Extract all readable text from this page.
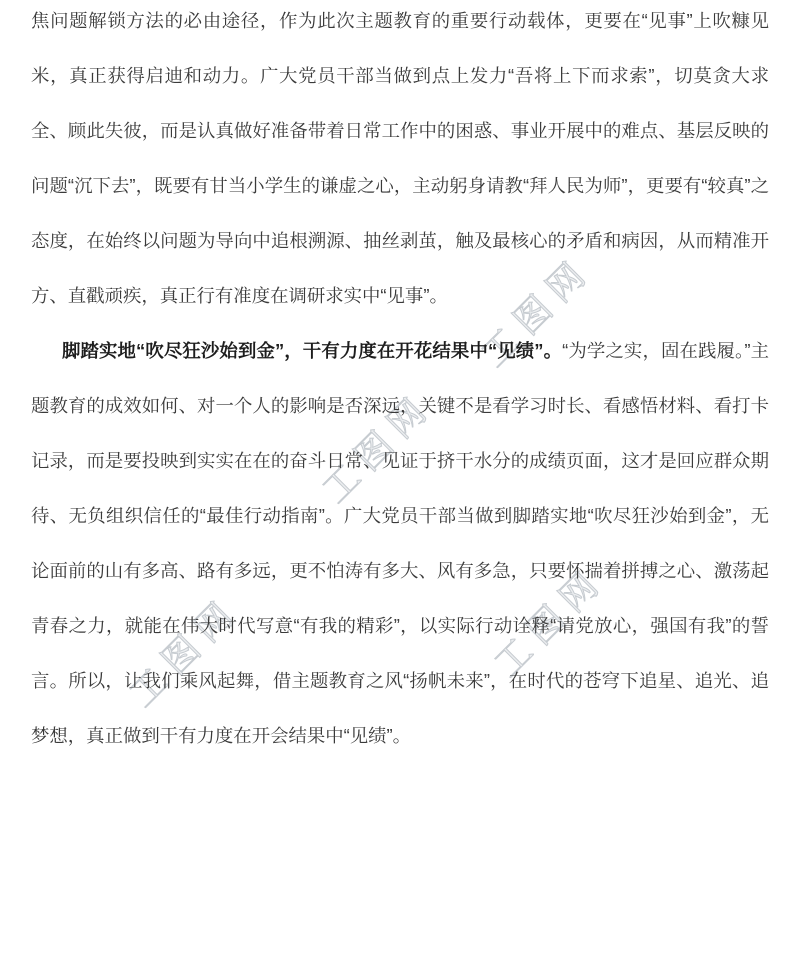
工图网
工图网
工图网	工图网

焦问题解锁方法的必由途径，作为此次主题教育的重要行动载体，更要在“见事”上吹糠见米，真正获得启迪和动力。广大党员干部当做到点上发力“吾将上下而求索”，切莫贪大求全、顾此失彼，而是认真做好准备带着日常工作中的困惑、事业开展中的难点、基层反映的问题“沉下去”，既要有甘当小学生的谦虚之心，主动躬身请教“拜人民为师”，更要有“较真”之态度，在始终以问题为导向中追根溯源、抽丝剥茧，触及最核心的矛盾和病因，从而精准开方、直戳顽疾，真正行有准度在调研求实中“见事”。

脚踏实地“吹尽狂沙始到金”，干有力度在开花结果中“见绩”。“为学之实，固在践履。”主题教育的成效如何、对一个人的影响是否深远，关键不是看学习时长、看感悟材料、看打卡记录，而是要投映到实实在在的奋斗日常、见证于挤干水分的成绩页面，这才是回应群众期待、无负组织信任的“最佳行动指南”。广大党员干部当做到脚踏实地“吹尽狂沙始到金”，无论面前的山有多高、路有多远，更不怕涛有多大、风有多急，只要怀揣着拼搏之心、激荡起青春之力，就能在伟大时代写意“有我的精彩”，以实际行动诠释“请党放心，强国有我”的誓言。所以，让我们乘风起舞，借主题教育之风“扬帆未来”，在时代的苍穹下追星、追光、追梦想，真正做到干有力度在开会结果中“见绩”。
